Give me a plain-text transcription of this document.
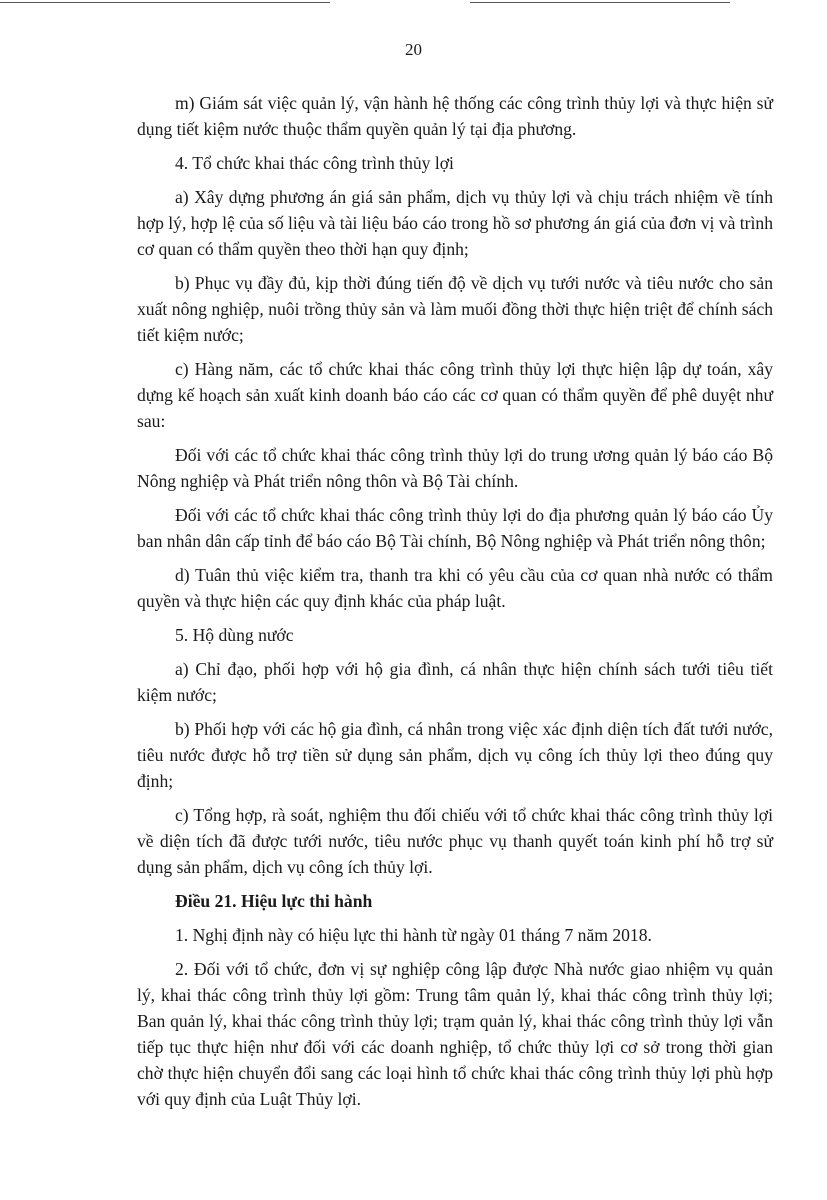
20

m) Giám sát việc quản lý, vận hành hệ thống các công trình thủy lợi và thực hiện sử dụng tiết kiệm nước thuộc thẩm quyền quản lý tại địa phương.

4. Tổ chức khai thác công trình thủy lợi

a) Xây dựng phương án giá sản phẩm, dịch vụ thủy lợi và chịu trách nhiệm về tính hợp lý, hợp lệ của số liệu và tài liệu báo cáo trong hồ sơ phương án giá của đơn vị và trình cơ quan có thẩm quyền theo thời hạn quy định;

b) Phục vụ đầy đủ, kịp thời đúng tiến độ về dịch vụ tưới nước và tiêu nước cho sản xuất nông nghiệp, nuôi trồng thủy sản và làm muối đồng thời thực hiện triệt để chính sách tiết kiệm nước;

c) Hàng năm, các tổ chức khai thác công trình thủy lợi thực hiện lập dự toán, xây dựng kế hoạch sản xuất kinh doanh báo cáo các cơ quan có thẩm quyền để phê duyệt như sau:

Đối với các tổ chức khai thác công trình thủy lợi do trung ương quản lý báo cáo Bộ Nông nghiệp và Phát triển nông thôn và Bộ Tài chính.

Đối với các tổ chức khai thác công trình thủy lợi do địa phương quản lý báo cáo Ủy ban nhân dân cấp tỉnh để báo cáo Bộ Tài chính, Bộ Nông nghiệp và Phát triển nông thôn;

d) Tuân thủ việc kiểm tra, thanh tra khi có yêu cầu của cơ quan nhà nước có thẩm quyền và thực hiện các quy định khác của pháp luật.

5. Hộ dùng nước

a) Chỉ đạo, phối hợp với hộ gia đình, cá nhân thực hiện chính sách tưới tiêu tiết kiệm nước;

b) Phối hợp với các hộ gia đình, cá nhân trong việc xác định diện tích đất tưới nước, tiêu nước được hỗ trợ tiền sử dụng sản phẩm, dịch vụ công ích thủy lợi theo đúng quy định;

c) Tổng hợp, rà soát, nghiệm thu đối chiếu với tổ chức khai thác công trình thủy lợi về diện tích đã được tưới nước, tiêu nước phục vụ thanh quyết toán kinh phí hỗ trợ sử dụng sản phẩm, dịch vụ công ích thủy lợi.

Điều 21. Hiệu lực thi hành

1. Nghị định này có hiệu lực thi hành từ ngày 01 tháng 7 năm 2018.

2. Đối với tổ chức, đơn vị sự nghiệp công lập được Nhà nước giao nhiệm vụ quản lý, khai thác công trình thủy lợi gồm: Trung tâm quản lý, khai thác công trình thủy lợi; Ban quản lý, khai thác công trình thủy lợi; trạm quản lý, khai thác công trình thủy lợi vẫn tiếp tục thực hiện như đối với các doanh nghiệp, tổ chức thủy lợi cơ sở trong thời gian chờ thực hiện chuyển đổi sang các loại hình tổ chức khai thác công trình thủy lợi phù hợp với quy định của Luật Thủy lợi.
